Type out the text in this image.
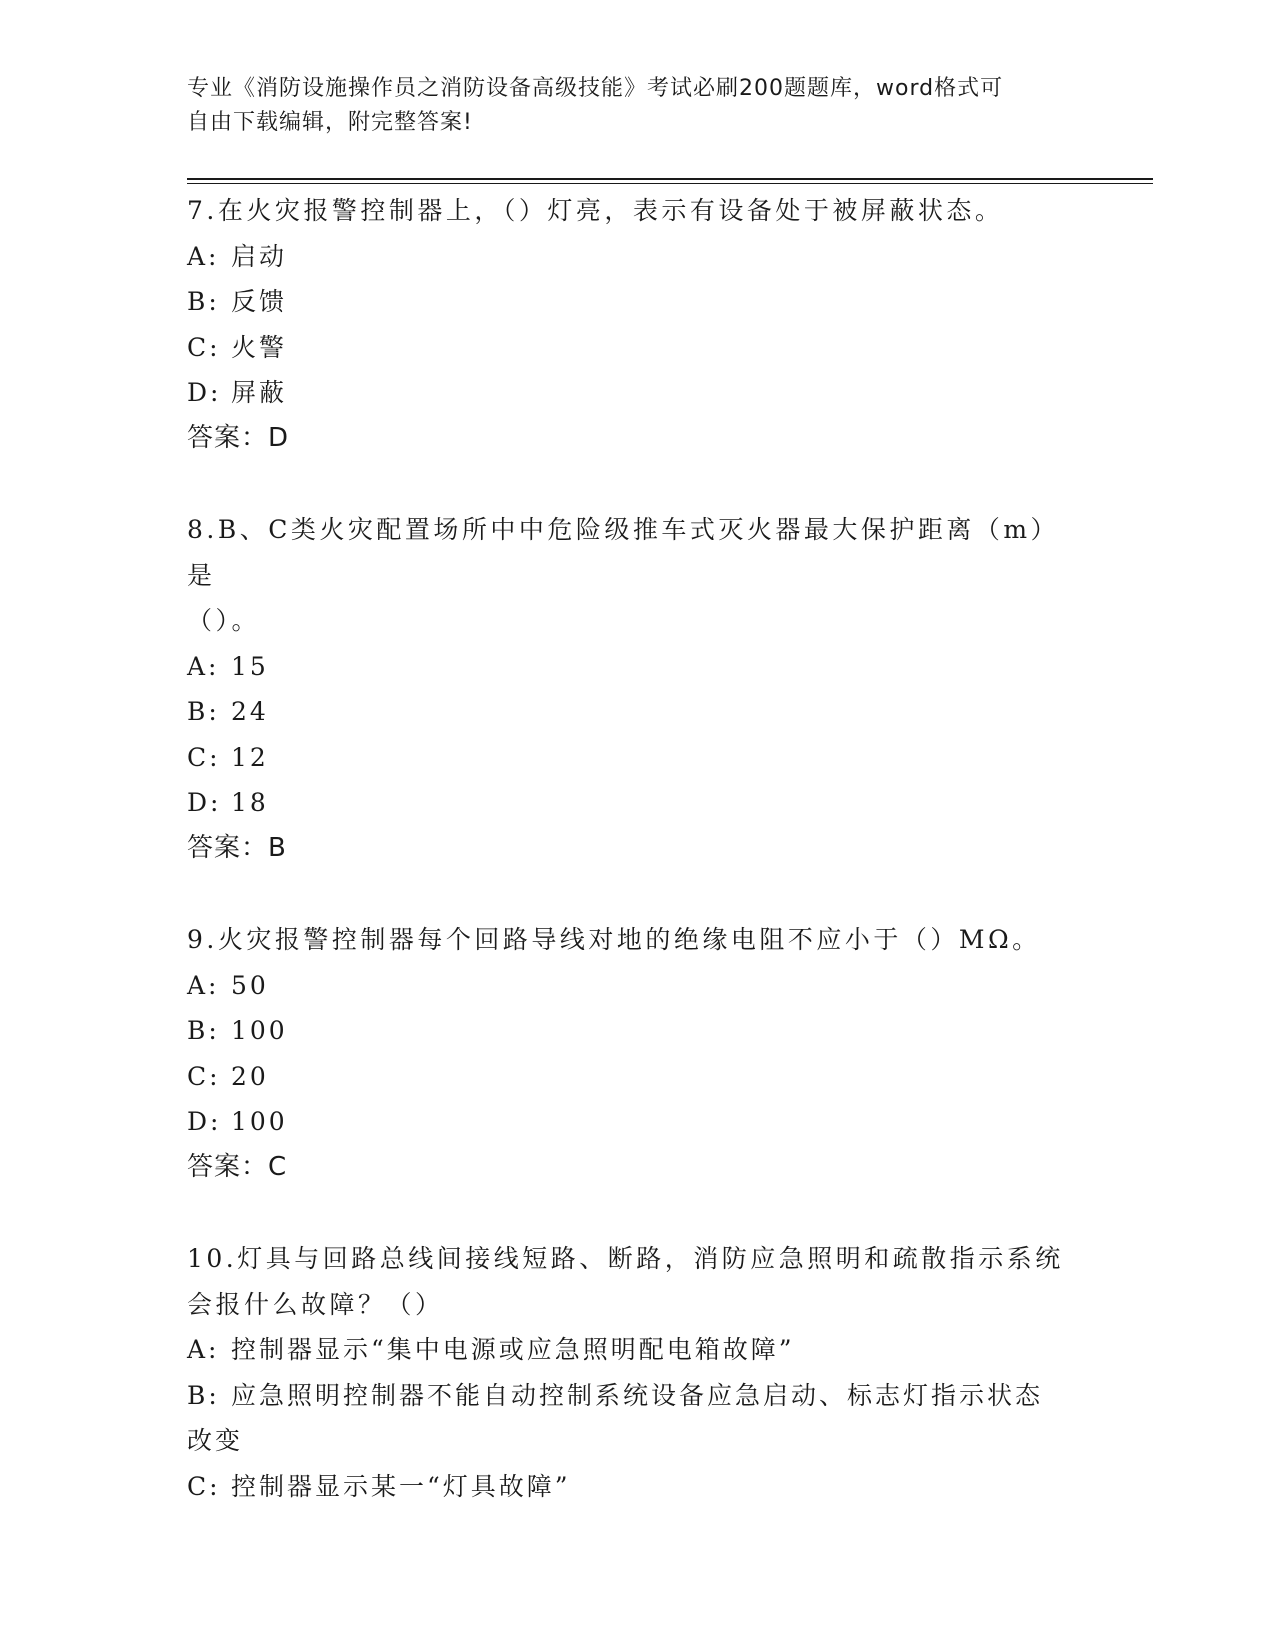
专业《消防设施操作员之消防设备高级技能》考试必刷200题题库，word格式可
自由下载编辑，附完整答案!
7.在火灾报警控制器上，（）灯亮，表示有设备处于被屏蔽状态。
A: 启动
B: 反馈
C: 火警
D: 屏蔽
答案：D
8.B、C类火灾配置场所中中危险级推车式灭火器最大保护距离（m）是
（）。
A: 15
B: 24
C: 12
D: 18
答案：B
9.火灾报警控制器每个回路导线对地的绝缘电阻不应小于（）MΩ。
A: 50
B: 100
C: 20
D: 100
答案：C
10.灯具与回路总线间接线短路、断路，消防应急照明和疏散指示系统
会报什么故障？（）
A: 控制器显示“集中电源或应急照明配电箱故障”
B: 应急照明控制器不能自动控制系统设备应急启动、标志灯指示状态
改变
C: 控制器显示某一“灯具故障”
